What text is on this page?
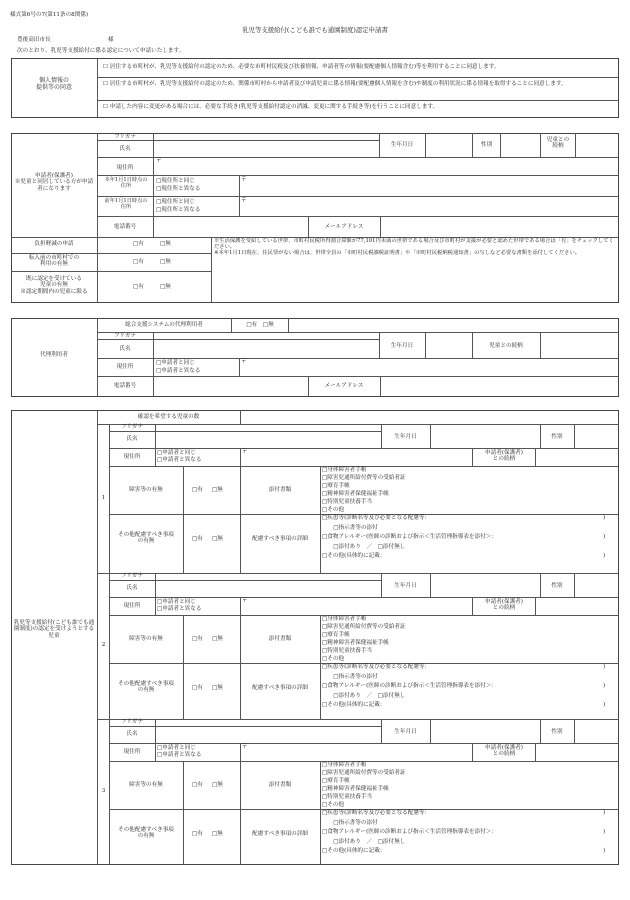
様式第6号の7(第11条の8関係)
乳児等支援給付(こども誰でも通園制度)認定申請書
豊後高田市長	様
次のとおり、乳児等支援給付に係る認定について申請いたします。
個人情報の
提供等の同意
☐ 居住する市町村が、乳児等支援給付の認定のため、必要な市町村民税及び扶養情報、申請者等の情報(要配慮個人情報含む)等を利用することに同意します。
☐ 居住する市町村が、乳児等支援給付の認定のため、関係市町村から申請者及び申請児童に係る情報(要配慮個人情報を含む)や制度の利用状況に係る情報を取得することに同意します。
☐ 申請した内容に変更がある場合には、必要な手続き(乳児等支援給付認定の消滅、変更に関する手続き等)を行うことに同意します。
申請者(保護者)
※児童と同居している方が申請者になります
フリガナ
氏名
生年月日	性別
児童との
続柄
現住所
〒
本年1月1日時点の
住所
□現住所と同じ
□現住所と異なる
〒
前年1月1日時点の
住所
□現住所と同じ
□現住所と異なる
〒
電話番号	メールアドレス
負担軽減の申請	□有	□無
転入前の市町村での
利用の有無	□有	□無
既に認定を受けている
児童の有無
※認定期間内の児童に限る
□有	□無
※生活保護を受給している世帯、市町村民税所得割合算額が77,101円未満の世帯である場合及び市町村が支援が必要と認めた世帯である場合は「有」をチェックしてください。
※本年1月1日現在、住民票がない場合は、世帯全員の「市町村民税課税証明書」や「市町村民税納税通知書」の写しなど必要な書類を添付してください。
代理利用者
総合支援システムの代理利用者	□有　□無
フリガナ
氏名	生年月日	児童との続柄
現住所
□申請者と同じ
□申請者と異なる
〒
電話番号	メールアドレス
乳児等支援給付(こども誰でも通園制度)の認定を受けようとする児童
確認を希望する児童の数
1
フリガナ
氏名	生年月日	性別
現住所
□申請者と同じ
□申請者と異なる
〒	申請者(保護者)
との続柄
障害等の有無	□有 □無	添付書類
□身体障害者手帳
□障害児通所給付費等の受給者証
□療育手帳
□精神障害者保健福祉手帳
□特別児童扶養手当
□その他
その他配慮すべき事項
の有無	□有 □無	配慮すべき事項の詳細
□疾患等(診断名等及び必要となる配慮等：
　　□指示書等の添付
□食物アレルギー(医師の診断および指示＜生活管理指導表を添付＞：
　　□添付あり　／　□添付無し
□その他(具体的に記載：
)
)
)
2
フリガナ
氏名	生年月日	性別
現住所
□申請者と同じ
□申請者と異なる
〒	申請者(保護者)
との続柄
障害等の有無	□有 □無	添付書類
□身体障害者手帳
□障害児通所給付費等の受給者証
□療育手帳
□精神障害者保健福祉手帳
□特別児童扶養手当
□その他
その他配慮すべき事項
の有無	□有 □無	配慮すべき事項の詳細
□疾患等(診断名等及び必要となる配慮等：
　　□指示書等の添付
□食物アレルギー(医師の診断および指示＜生活管理指導表を添付＞：
　　□添付あり　／　□添付無し
□その他(具体的に記載：
)
)
)
3
フリガナ
氏名	生年月日	性別
現住所
□申請者と同じ
□申請者と異なる
〒	申請者(保護者)
との続柄
障害等の有無	□有 □無	添付書類
□身体障害者手帳
□障害児通所給付費等の受給者証
□療育手帳
□精神障害者保健福祉手帳
□特別児童扶養手当
□その他
その他配慮すべき事項
の有無	□有 □無	配慮すべき事項の詳細
□疾患等(診断名等及び必要となる配慮等：
　　□指示書等の添付
□食物アレルギー(医師の診断および指示＜生活管理指導表を添付＞：
　　□添付あり　／　□添付無し
□その他(具体的に記載：
)
)
)
